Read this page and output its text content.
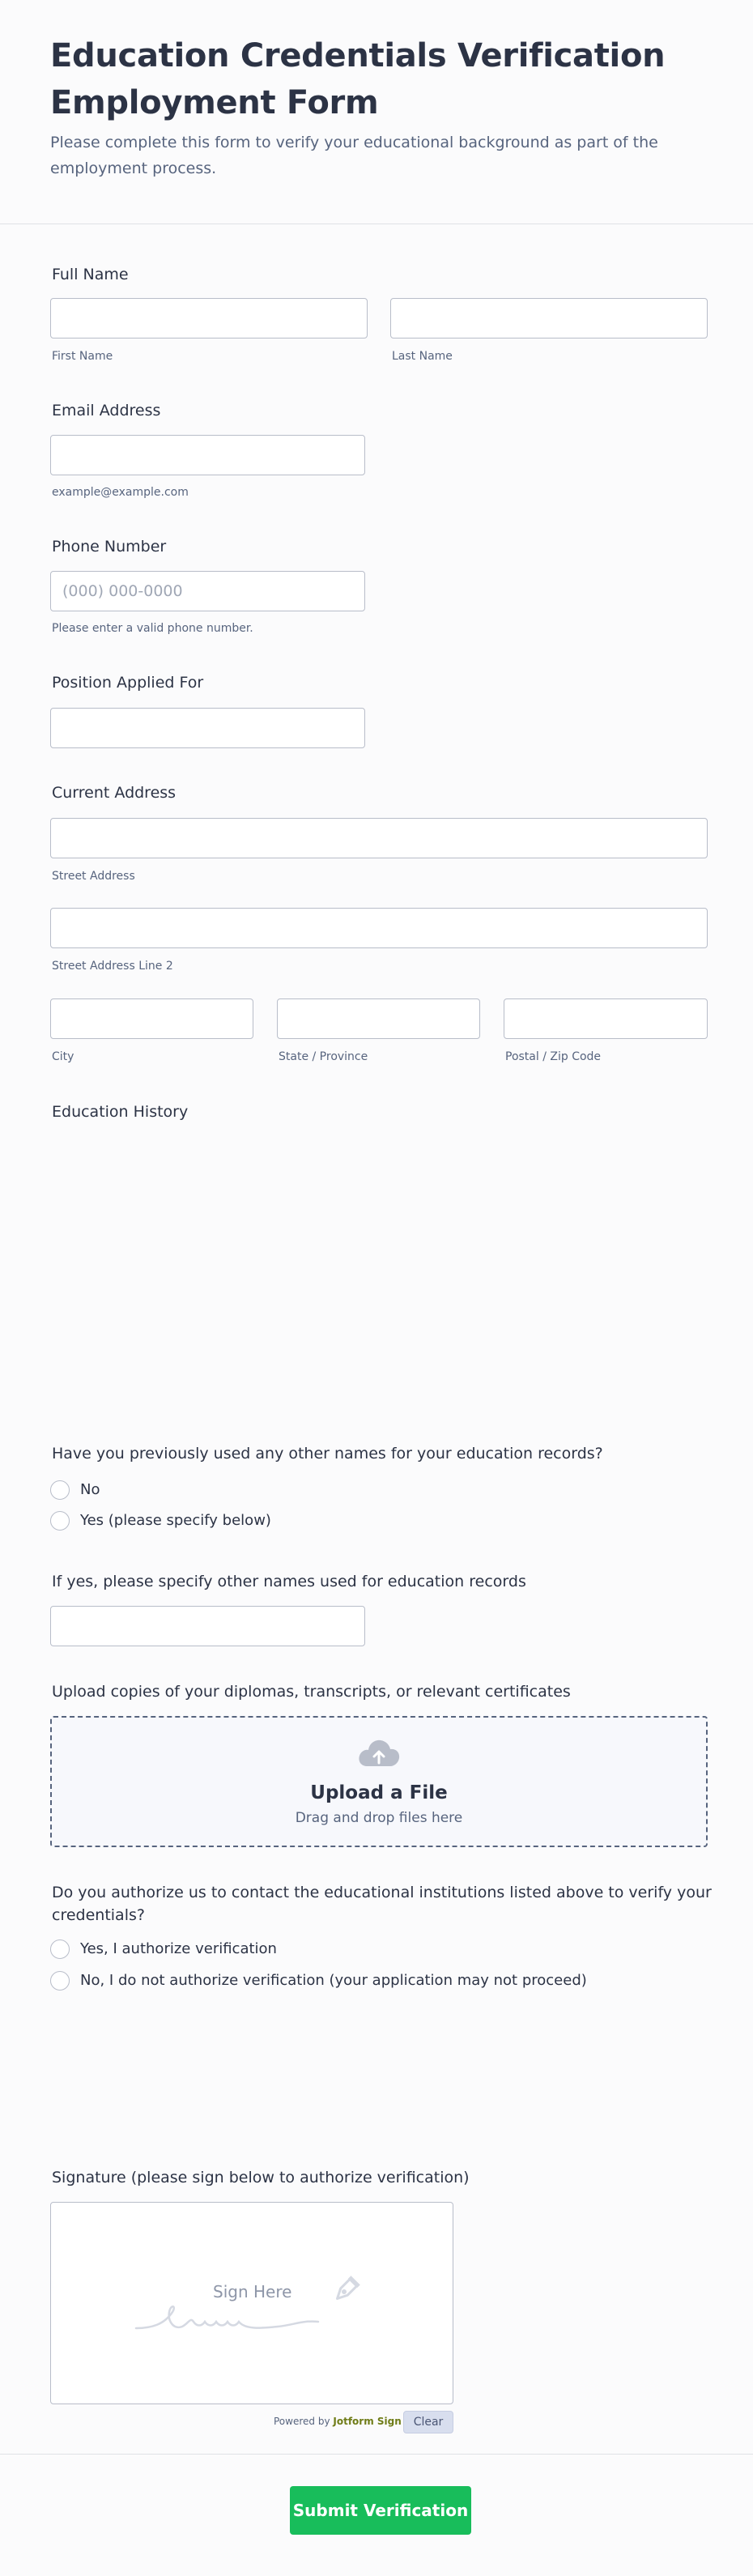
Education Credentials Verification Employment Form
Please complete this form to verify your educational background as part of the employment process.
Full Name
First Name	Last Name
Email Address
example@example.com
Phone Number
(000) 000-0000
Please enter a valid phone number.
Position Applied For
Current Address
Street Address
Street Address Line 2
City	State / Province	Postal / Zip Code
Education History
Have you previously used any other names for your education records?
No
Yes (please specify below)
If yes, please specify other names used for education records
Upload copies of your diplomas, transcripts, or relevant certificates
Upload a File
Drag and drop files here
Do you authorize us to contact the educational institutions listed above to verify your credentials?
Yes, I authorize verification
No, I do not authorize verification (your application may not proceed)
Signature (please sign below to authorize verification)
Sign Here
Powered by Jotform Sign	Clear
Submit Verification
